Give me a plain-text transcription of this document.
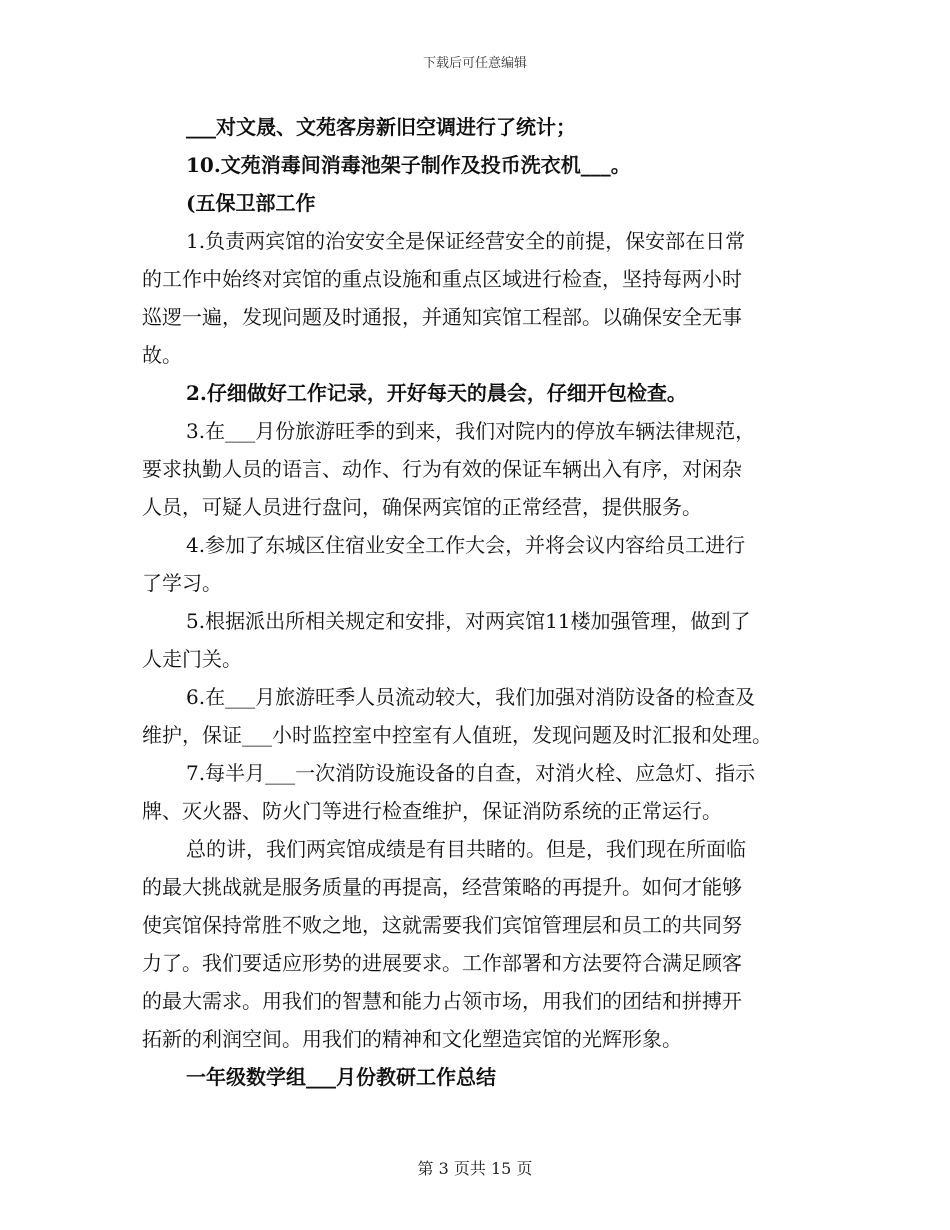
下载后可任意编辑
___对文晟、文苑客房新旧空调进行了统计；
10.文苑消毒间消毒池架子制作及投币洗衣机___。
(五保卫部工作
1.负责两宾馆的治安安全是保证经营安全的前提，保安部在日常
的工作中始终对宾馆的重点设施和重点区域进行检查，坚持每两小时
巡逻一遍，发现问题及时通报，并通知宾馆工程部。以确保安全无事
故。
2.仔细做好工作记录，开好每天的晨会，仔细开包检查。
3.在___月份旅游旺季的到来，我们对院内的停放车辆法律规范，
要求执勤人员的语言、动作、行为有效的保证车辆出入有序，对闲杂
人员，可疑人员进行盘问，确保两宾馆的正常经营，提供服务。
4.参加了东城区住宿业安全工作大会，并将会议内容给员工进行
了学习。
5.根据派出所相关规定和安排，对两宾馆11楼加强管理，做到了
人走门关。
6.在___月旅游旺季人员流动较大，我们加强对消防设备的检查及
维护，保证___小时监控室中控室有人值班，发现问题及时汇报和处理。
7.每半月___一次消防设施设备的自查，对消火栓、应急灯、指示
牌、灭火器、防火门等进行检查维护，保证消防系统的正常运行。
总的讲，我们两宾馆成绩是有目共睹的。但是，我们现在所面临
的最大挑战就是服务质量的再提高，经营策略的再提升。如何才能够
使宾馆保持常胜不败之地，这就需要我们宾馆管理层和员工的共同努
力了。我们要适应形势的进展要求。工作部署和方法要符合满足顾客
的最大需求。用我们的智慧和能力占领市场，用我们的团结和拼搏开
拓新的利润空间。用我们的精神和文化塑造宾馆的光辉形象。
一年级数学组___月份教研工作总结
第 3 页共 15 页
